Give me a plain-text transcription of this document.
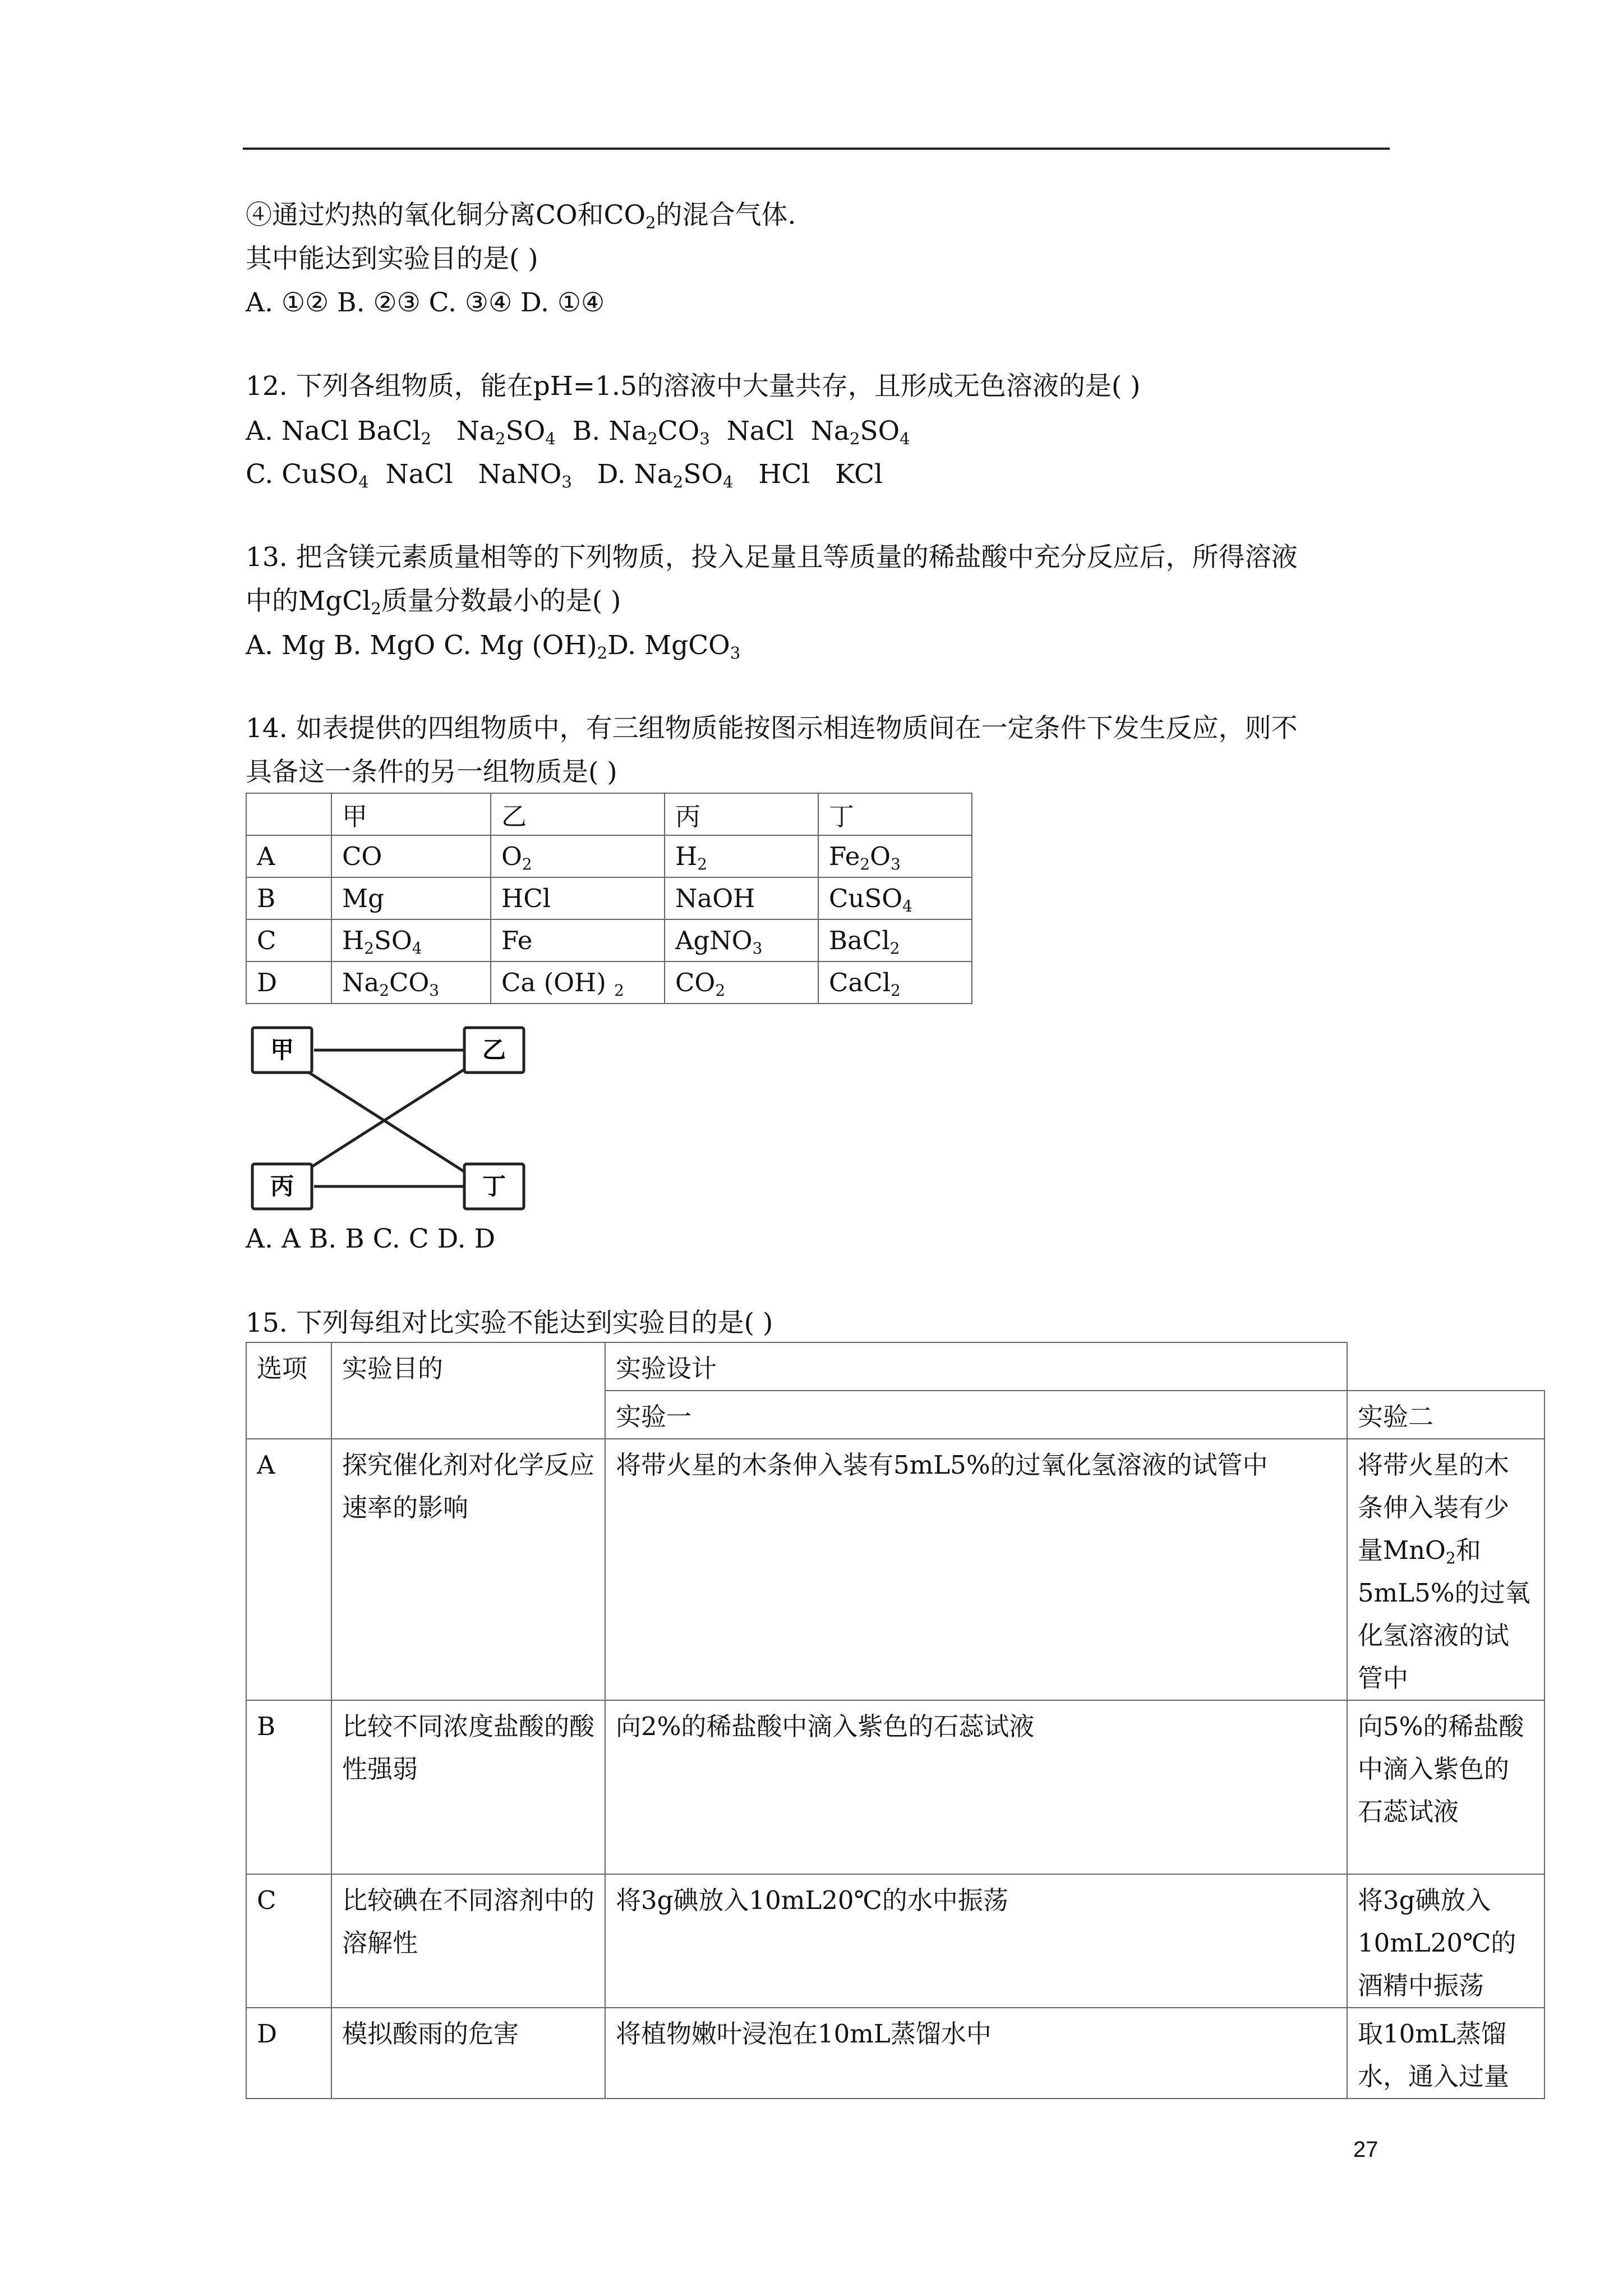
④通过灼热的氧化铜分离CO和$CO_2$的混合气体.
其中能达到实验目的是( )
A. ①② B. ②③ C. ③④ D. ①④
12. 下列各组物质，能在pH=1.5的溶液中大量共存，且形成无色溶液的是( )
A. NaCl BaCl$_2$   $Na_2SO_4$ B. $Na_2CO_3$  NaCl  $Na_2SO_4$
C. CuSO$_4$  NaCl   NaNO$_3$ D. $Na_2SO_4$   HCl   KCl
13. 把含镁元素质量相等的下列物质，投入足量且等质量的稀盐酸中充分反应后，所得溶液
中的MgCl$_2$质量分数最小的是( )
A. Mg B. MgO C. Mg $(OH)_2D$. MgCO$_3$
14. 如表提供的四组物质中，有三组物质能按图示相连物质间在一定条件下发生反应，则不
具备这一条件的另一组物质是( )
	甲	乙	丙	丁
A	CO	$O_2$	$H_2$	$Fe_2O_3$
B	Mg	HCl	NaOH	CuSO$_4$
C	$H_2SO_4$	Fe	AgNO$_3$	BaCl$_2$
D	$Na_2CO_3$	Ca (OH) $_2$	$CO_2$	CaCl$_2$
甲	乙
丙	丁
A. A B. B C. C D. D
15. 下列每组对比实验不能达到实验目的是( )
选项	实验目的	实验设计	
		实验一	实验二
A	探究催化剂对化学反应速率的影响	将带火星的木条伸入装有5mL5%的过氧化氢溶液的试管中	将带火星的木条伸入装有少量MnO$_2$和5mL5%的过氧化氢溶液的试管中
B	比较不同浓度盐酸的酸性强弱	向2%的稀盐酸中滴入紫色的石蕊试液	向5%的稀盐酸中滴入紫色的石蕊试液
C	比较碘在不同溶剂中的溶解性	将3g碘放入10mL20℃的水中振荡	将3g碘放入10mL20℃的酒精中振荡
D	模拟酸雨的危害	将植物嫩叶浸泡在10mL蒸馏水中	取10mL蒸馏水，通入过量
27
